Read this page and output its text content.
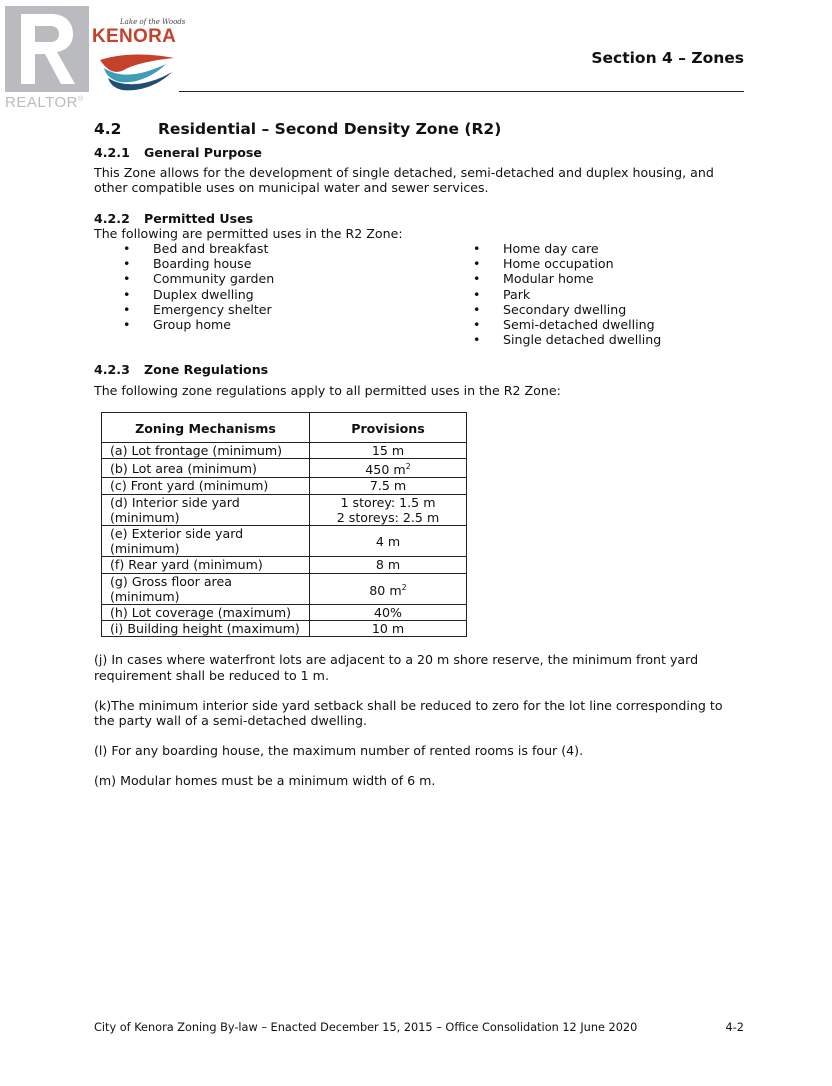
REALTOR®
Lake of the Woods
KENORA
Section 4 – Zones
4.2 Residential – Second Density Zone (R2)
4.2.1 General Purpose

This Zone allows for the development of single detached, semi-detached and duplex housing, and other compatible uses on municipal water and sewer services.

4.2.2 Permitted Uses

The following are permitted uses in the R2 Zone:

• Bed and breakfast
• Boarding house
• Community garden
• Duplex dwelling
• Emergency shelter
• Group home
• Home day care
• Home occupation
• Modular home
• Park
• Secondary dwelling
• Semi-detached dwelling
• Single detached dwelling
4.2.3 Zone Regulations

The following zone regulations apply to all permitted uses in the R2 Zone:

Zoning Mechanisms	Provisions
(a) Lot frontage (minimum)	15 m
(b) Lot area (minimum)	450 $m^2$
(c) Front yard (minimum)	7.5 m
(d) Interior side yard (minimum)	1 storey: 1.5 m
2 storeys: 2.5 m

(e) Exterior side yard (minimum)	4 m
(f) Rear yard (minimum)	8 m
(g) Gross floor area (minimum)	80 $m^2$
(h) Lot coverage (maximum)	40%
(i) Building height (maximum)	10 m

(j) In cases where waterfront lots are adjacent to a 20 m shore reserve, the minimum front yard requirement shall be reduced to 1 m.

(k)The minimum interior side yard setback shall be reduced to zero for the lot line corresponding to the party wall of a semi-detached dwelling.

(l) For any boarding house, the maximum number of rented rooms is four (4).

(m) Modular homes must be a minimum width of 6 m.

City of Kenora Zoning By-law – Enacted December 15, 2015 – Office Consolidation 12 June 2020	4-2
